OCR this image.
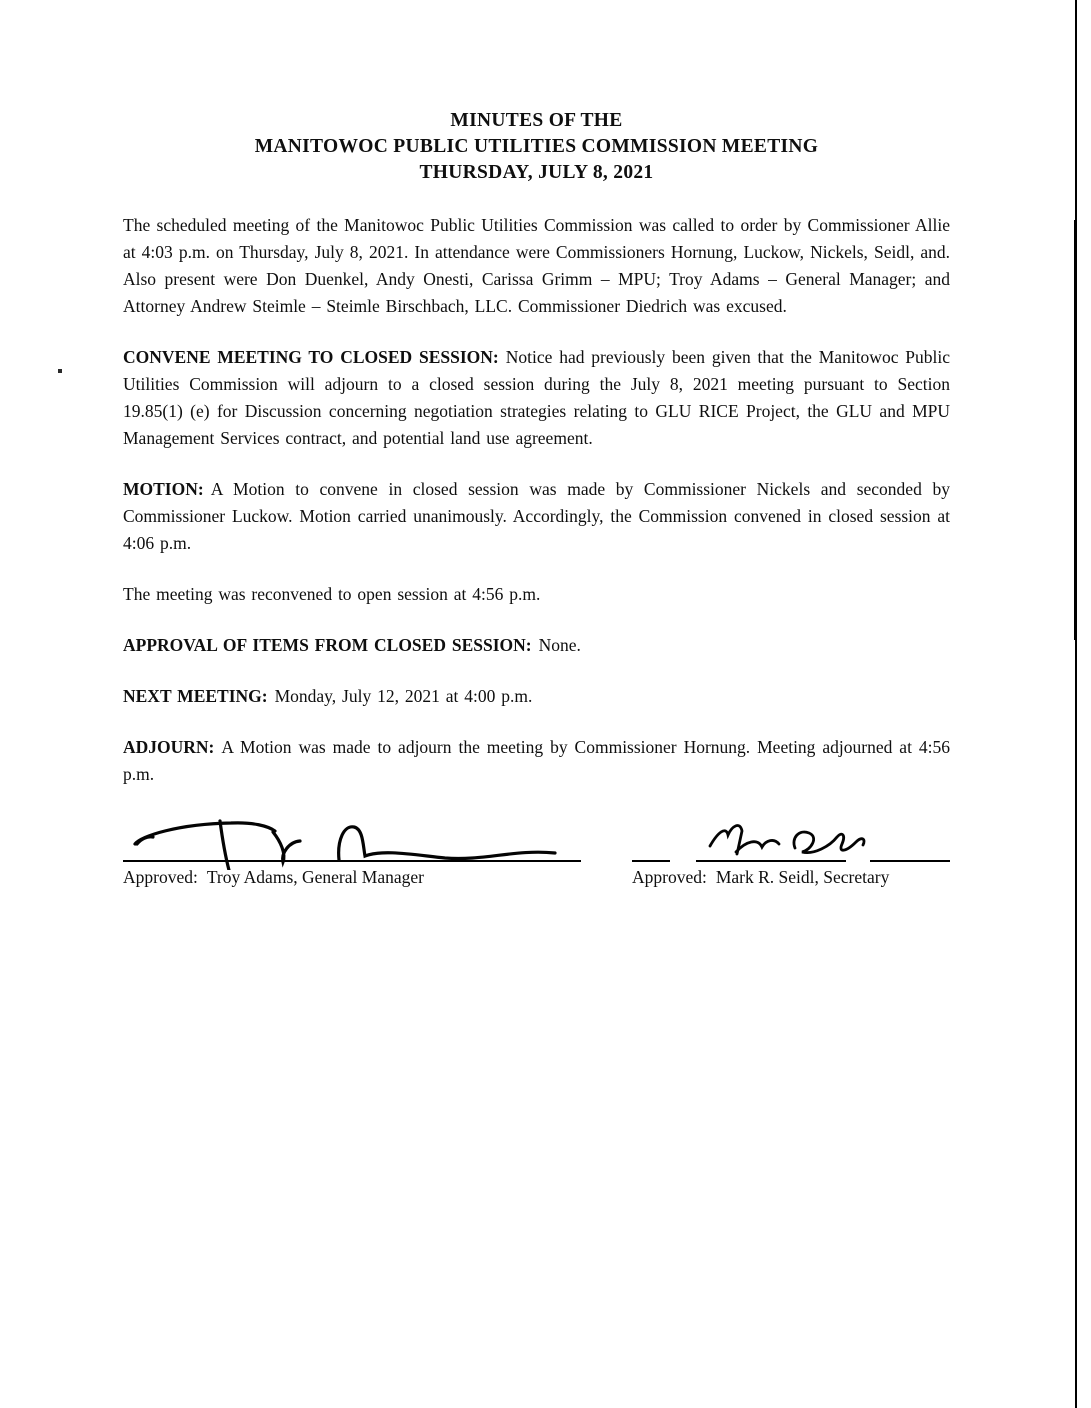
MINUTES OF THE
MANITOWOC PUBLIC UTILITIES COMMISSION MEETING
THURSDAY, JULY 8, 2021

The scheduled meeting of the Manitowoc Public Utilities Commission was called to order by Commissioner Allie at 4:03 p.m. on Thursday, July 8, 2021. In attendance were Commissioners Hornung, Luckow, Nickels, Seidl, and. Also present were Don Duenkel, Andy Onesti, Carissa Grimm – MPU; Troy Adams – General Manager; and Attorney Andrew Steimle – Steimle Birschbach, LLC. Commissioner Diedrich was excused.

CONVENE MEETING TO CLOSED SESSION: Notice had previously been given that the Manitowoc Public Utilities Commission will adjourn to a closed session during the July 8, 2021 meeting pursuant to Section 19.85(1) (e) for Discussion concerning negotiation strategies relating to GLU RICE Project, the GLU and MPU Management Services contract, and potential land use agreement.

MOTION: A Motion to convene in closed session was made by Commissioner Nickels and seconded by Commissioner Luckow. Motion carried unanimously. Accordingly, the Commission convened in closed session at 4:06 p.m.

The meeting was reconvened to open session at 4:56 p.m.

APPROVAL OF ITEMS FROM CLOSED SESSION: None.

NEXT MEETING: Monday, July 12, 2021 at 4:00 p.m.

ADJOURN: A Motion was made to adjourn the meeting by Commissioner Hornung. Meeting adjourned at 4:56 p.m.

Approved: Troy Adams, General Manager	Approved: Mark R. Seidl, Secretary
